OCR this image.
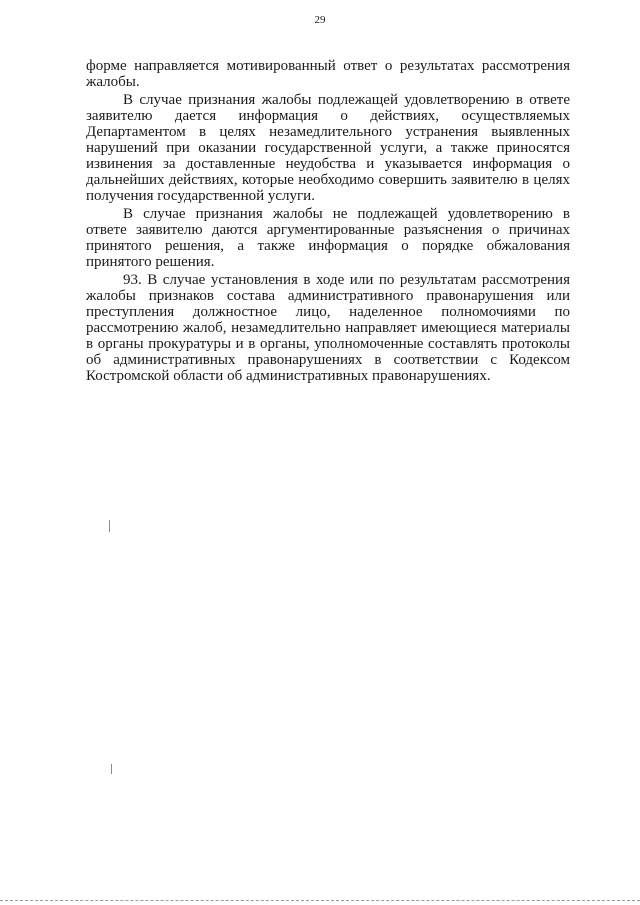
29

форме направляется мотивированный ответ о результатах рассмотрения жалобы.

В случае признания жалобы подлежащей удовлетворению в ответе заявителю дается информация о действиях, осуществляемых Департаментом в целях незамедлительного устранения выявленных нарушений при оказании государственной услуги, а также приносятся извинения за доставленные неудобства и указывается информация о дальнейших действиях, которые необходимо совершить заявителю в целях получения государственной услуги.

В случае признания жалобы не подлежащей удовлетворению в ответе заявителю даются аргументированные разъяснения о причинах принятого решения, а также информация о порядке обжалования принятого решения.

93. В случае установления в ходе или по результатам рассмотрения жалобы признаков состава административного правонарушения или преступления должностное лицо, наделенное полномочиями по рассмотрению жалоб, незамедлительно направляет имеющиеся материалы в органы прокуратуры и в органы, уполномоченные составлять протоколы об административных правонарушениях в соответствии с Кодексом Костромской области об административных правонарушениях.
